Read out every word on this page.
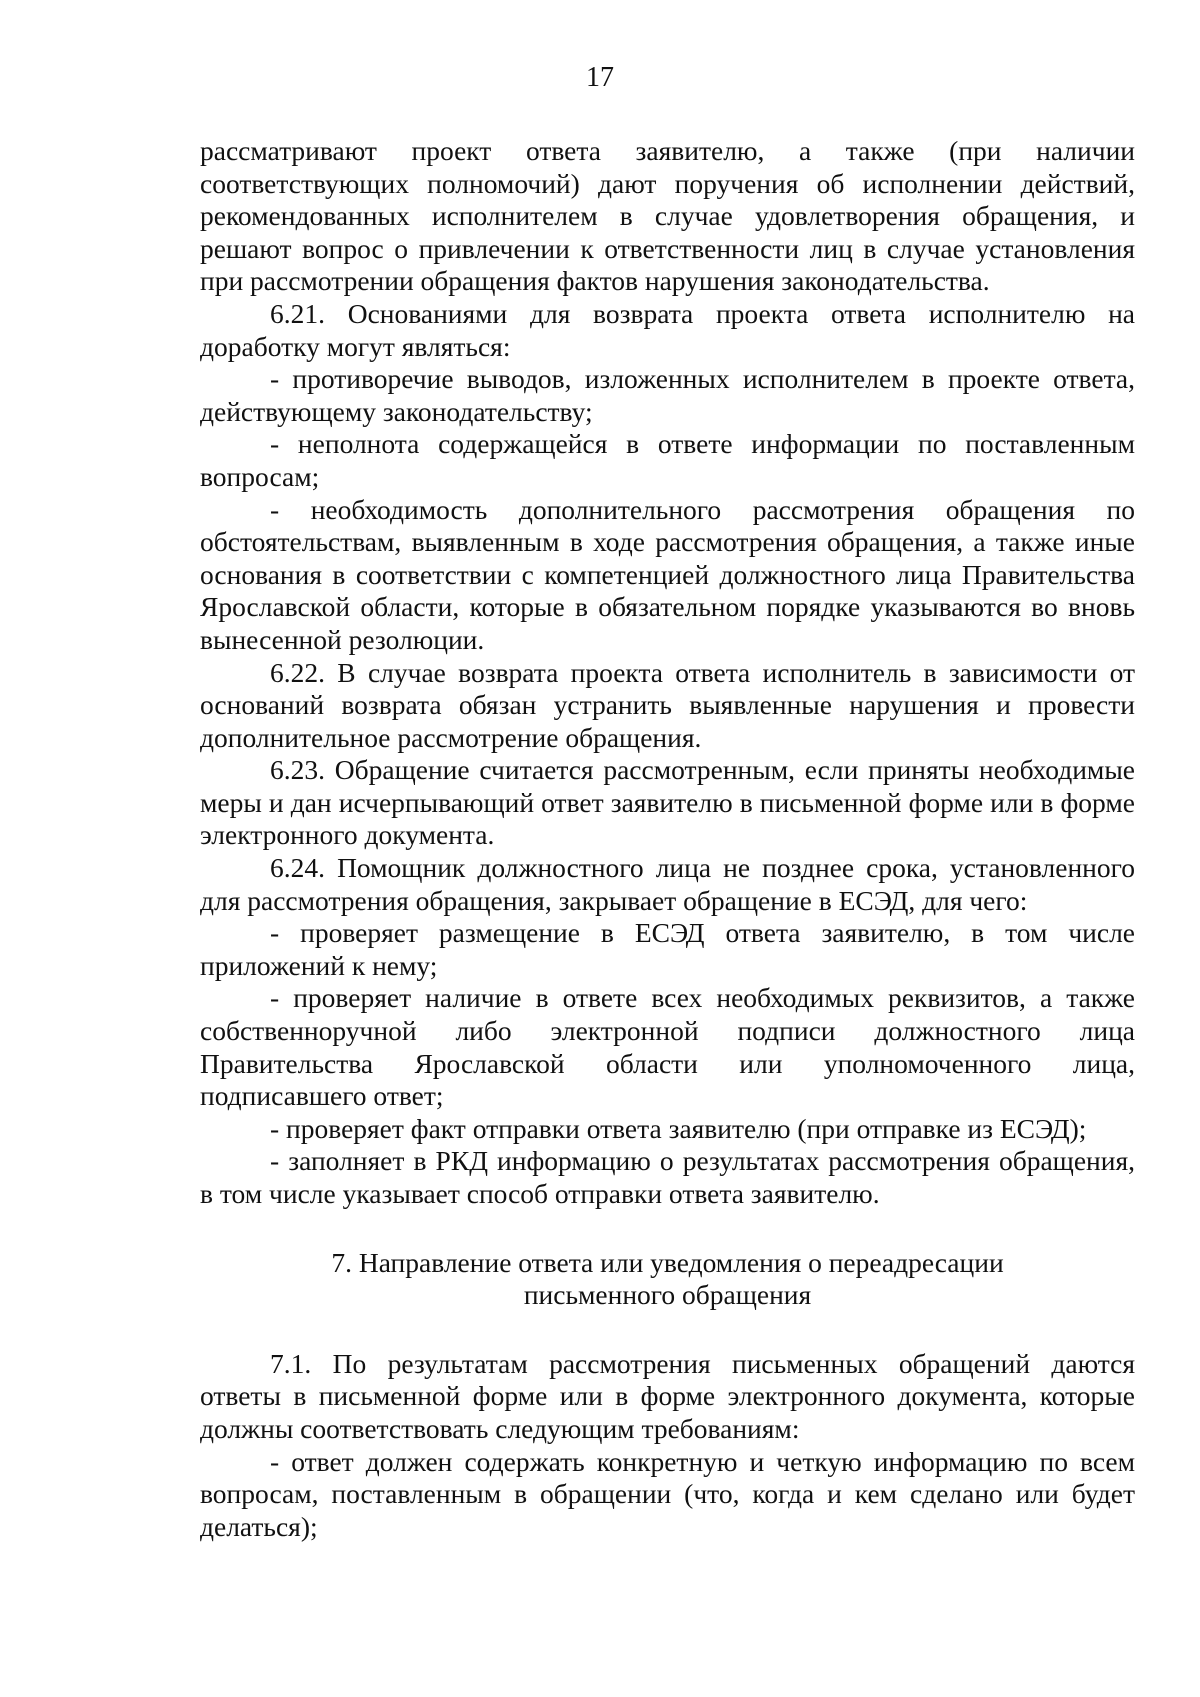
17

рассматривают проект ответа заявителю, а также (при наличии соответствующих полномочий) дают поручения об исполнении действий, рекомендованных исполнителем в случае удовлетворения обращения, и решают вопрос о привлечении к ответственности лиц в случае установления при рассмотрении обращения фактов нарушения законодательства.

6.21. Основаниями для возврата проекта ответа исполнителю на доработку могут являться:

- противоречие выводов, изложенных исполнителем в проекте ответа, действующему законодательству;

- неполнота содержащейся в ответе информации по поставленным вопросам;

- необходимость дополнительного рассмотрения обращения по обстоятельствам, выявленным в ходе рассмотрения обращения, а также иные основания в соответствии с компетенцией должностного лица Правительства Ярославской области, которые в обязательном порядке указываются во вновь вынесенной резолюции.

6.22. В случае возврата проекта ответа исполнитель в зависимости от оснований возврата обязан устранить выявленные нарушения и провести дополнительное рассмотрение обращения.

6.23. Обращение считается рассмотренным, если приняты необходимые меры и дан исчерпывающий ответ заявителю в письменной форме или в форме электронного документа.

6.24. Помощник должностного лица не позднее срока, установленного для рассмотрения обращения, закрывает обращение в ЕСЭД, для чего:

- проверяет размещение в ЕСЭД ответа заявителю, в том числе приложений к нему;

- проверяет наличие в ответе всех необходимых реквизитов, а также собственноручной либо электронной подписи должностного лица Правительства Ярославской области или уполномоченного лица, подписавшего ответ;

- проверяет факт отправки ответа заявителю (при отправке из ЕСЭД);

- заполняет в РКД информацию о результатах рассмотрения обращения, в том числе указывает способ отправки ответа заявителю.

7. Направление ответа или уведомления о переадресации
письменного обращения

7.1. По результатам рассмотрения письменных обращений даются ответы в письменной форме или в форме электронного документа, которые должны соответствовать следующим требованиям:

- ответ должен содержать конкретную и четкую информацию по всем вопросам, поставленным в обращении (что, когда и кем сделано или будет делаться);
